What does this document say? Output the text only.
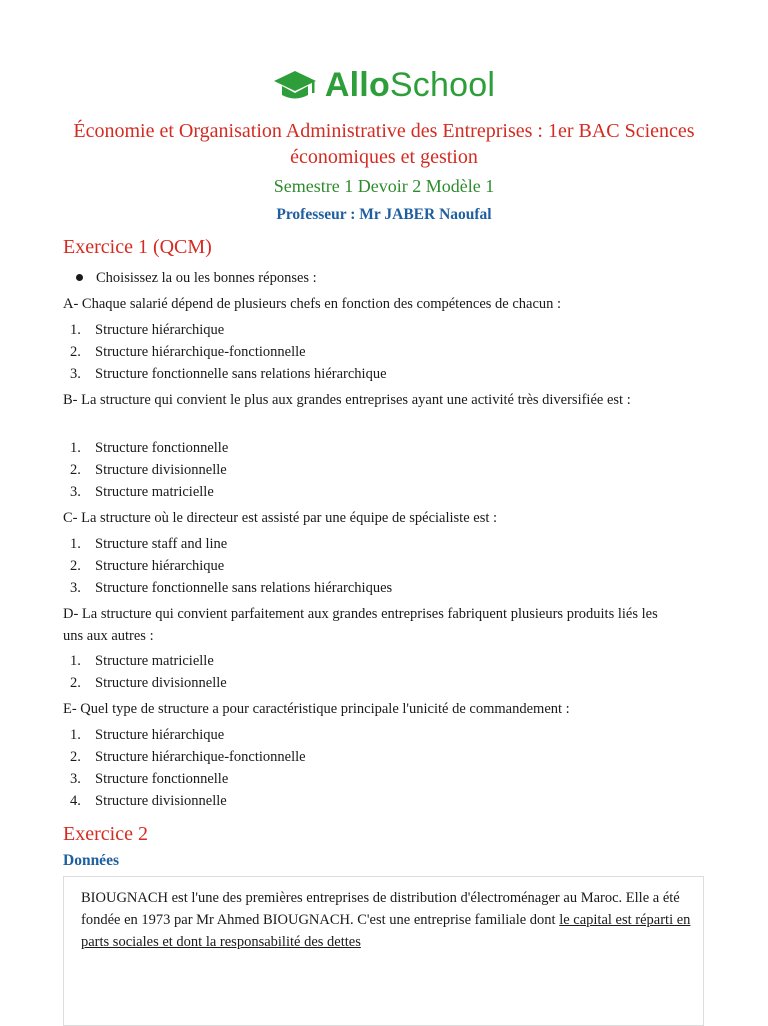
AlloSchool
Économie et Organisation Administrative des Entreprises : 1er BAC Sciences économiques et gestion
Semestre 1 Devoir 2 Modèle 1
Professeur : Mr JABER Naoufal
Exercice 1 (QCM)
Choisissez la ou les bonnes réponses :
A- Chaque salarié dépend de plusieurs chefs en fonction des compétences de chacun :
1. Structure hiérarchique
2. Structure hiérarchique-fonctionnelle
3. Structure fonctionnelle sans relations hiérarchique
B- La structure qui convient le plus aux grandes entreprises ayant une activité très diversifiée est :
1. Structure fonctionnelle
2. Structure divisionnelle
3. Structure matricielle
C- La structure où le directeur est assisté par une équipe de spécialiste est :
1. Structure staff and line
2. Structure hiérarchique
3. Structure fonctionnelle sans relations hiérarchiques
D- La structure qui convient parfaitement aux grandes entreprises fabriquent plusieurs produits liés les uns aux autres :
1. Structure matricielle
2. Structure divisionnelle
E- Quel type de structure a pour caractéristique principale l'unicité de commandement :
1. Structure hiérarchique
2. Structure hiérarchique-fonctionnelle
3. Structure fonctionnelle
4. Structure divisionnelle
Exercice 2
Données
BIOUGNACH est l'une des premières entreprises de distribution d'électroménager au Maroc. Elle a été fondée en 1973 par Mr Ahmed BIOUGNACH. C'est une entreprise familiale dont le capital est réparti en parts sociales et dont la responsabilité des dettes
